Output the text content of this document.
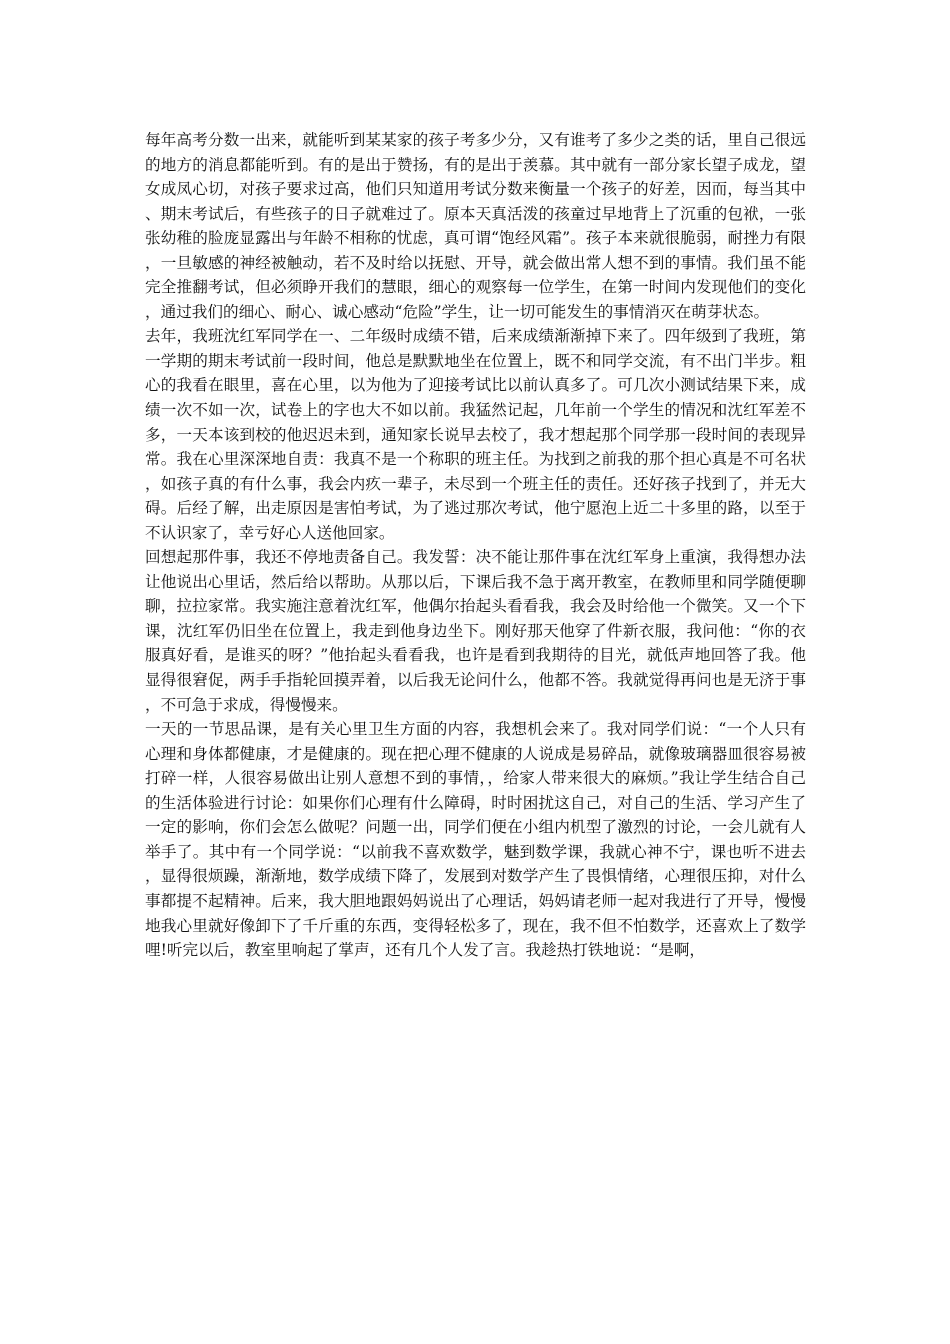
每年高考分数一出来，就能听到某某家的孩子考多少分，又有谁考了多少之类的话，里自己很远的地方的消息都能听到。有的是出于赞扬，有的是出于羡慕。其中就有一部分家长望子成龙，望女成凤心切，对孩子要求过高，他们只知道用考试分数来衡量一个孩子的好差，因而，每当其中、期末考试后，有些孩子的日子就难过了。原本天真活泼的孩童过早地背上了沉重的包袱，一张张幼稚的脸庞显露出与年龄不相称的忧虑，真可谓“饱经风霜”。孩子本来就很脆弱，耐挫力有限，一旦敏感的神经被触动，若不及时给以抚慰、开导，就会做出常人想不到的事情。我们虽不能完全推翻考试，但必须睁开我们的慧眼，细心的观察每一位学生，在第一时间内发现他们的变化，通过我们的细心、耐心、诚心感动“危险”学生，让一切可能发生的事情消灭在萌芽状态。

去年，我班沈红军同学在一、二年级时成绩不错，后来成绩渐渐掉下来了。四年级到了我班，第一学期的期末考试前一段时间，他总是默默地坐在位置上，既不和同学交流，有不出门半步。粗心的我看在眼里，喜在心里，以为他为了迎接考试比以前认真多了。可几次小测试结果下来，成绩一次不如一次，试卷上的字也大不如以前。我猛然记起，几年前一个学生的情况和沈红军差不多，一天本该到校的他迟迟未到，通知家长说早去校了，我才想起那个同学那一段时间的表现异常。我在心里深深地自责：我真不是一个称职的班主任。为找到之前我的那个担心真是不可名状，如孩子真的有什么事，我会内疚一辈子，未尽到一个班主任的责任。还好孩子找到了，并无大碍。后经了解，出走原因是害怕考试，为了逃过那次考试，他宁愿泡上近二十多里的路，以至于不认识家了，幸亏好心人送他回家。

回想起那件事，我还不停地责备自己。我发誓：决不能让那件事在沈红军身上重演，我得想办法让他说出心里话，然后给以帮助。从那以后，下课后我不急于离开教室，在教师里和同学随便聊聊，拉拉家常。我实施注意着沈红军，他偶尔抬起头看看我，我会及时给他一个微笑。又一个下课，沈红军仍旧坐在位置上，我走到他身边坐下。刚好那天他穿了件新衣服，我问他：“你的衣服真好看，是谁买的呀？”他抬起头看看我，也许是看到我期待的目光，就低声地回答了我。他显得很窘促，两手手指轮回摸弄着，以后我无论问什么，他都不答。我就觉得再问也是无济于事，不可急于求成，得慢慢来。

一天的一节思品课，是有关心里卫生方面的内容，我想机会来了。我对同学们说：“一个人只有心理和身体都健康，才是健康的。现在把心理不健康的人说成是易碎品，就像玻璃器皿很容易被打碎一样，人很容易做出让别人意想不到的事情，，给家人带来很大的麻烦。”我让学生结合自己的生活体验进行讨论：如果你们心理有什么障碍，时时困扰这自己，对自己的生活、学习产生了一定的影响，你们会怎么做呢？问题一出，同学们便在小组内机型了激烈的讨论，一会儿就有人举手了。其中有一个同学说：“以前我不喜欢数学，魅到数学课，我就心神不宁，课也听不进去，显得很烦躁，渐渐地，数学成绩下降了，发展到对数学产生了畏惧情绪，心理很压抑，对什么事都提不起精神。后来，我大胆地跟妈妈说出了心理话，妈妈请老师一起对我进行了开导，慢慢地我心里就好像卸下了千斤重的东西，变得轻松多了，现在，我不但不怕数学，还喜欢上了数学哩!听完以后，教室里响起了掌声，还有几个人发了言。我趁热打铁地说：“是啊，
